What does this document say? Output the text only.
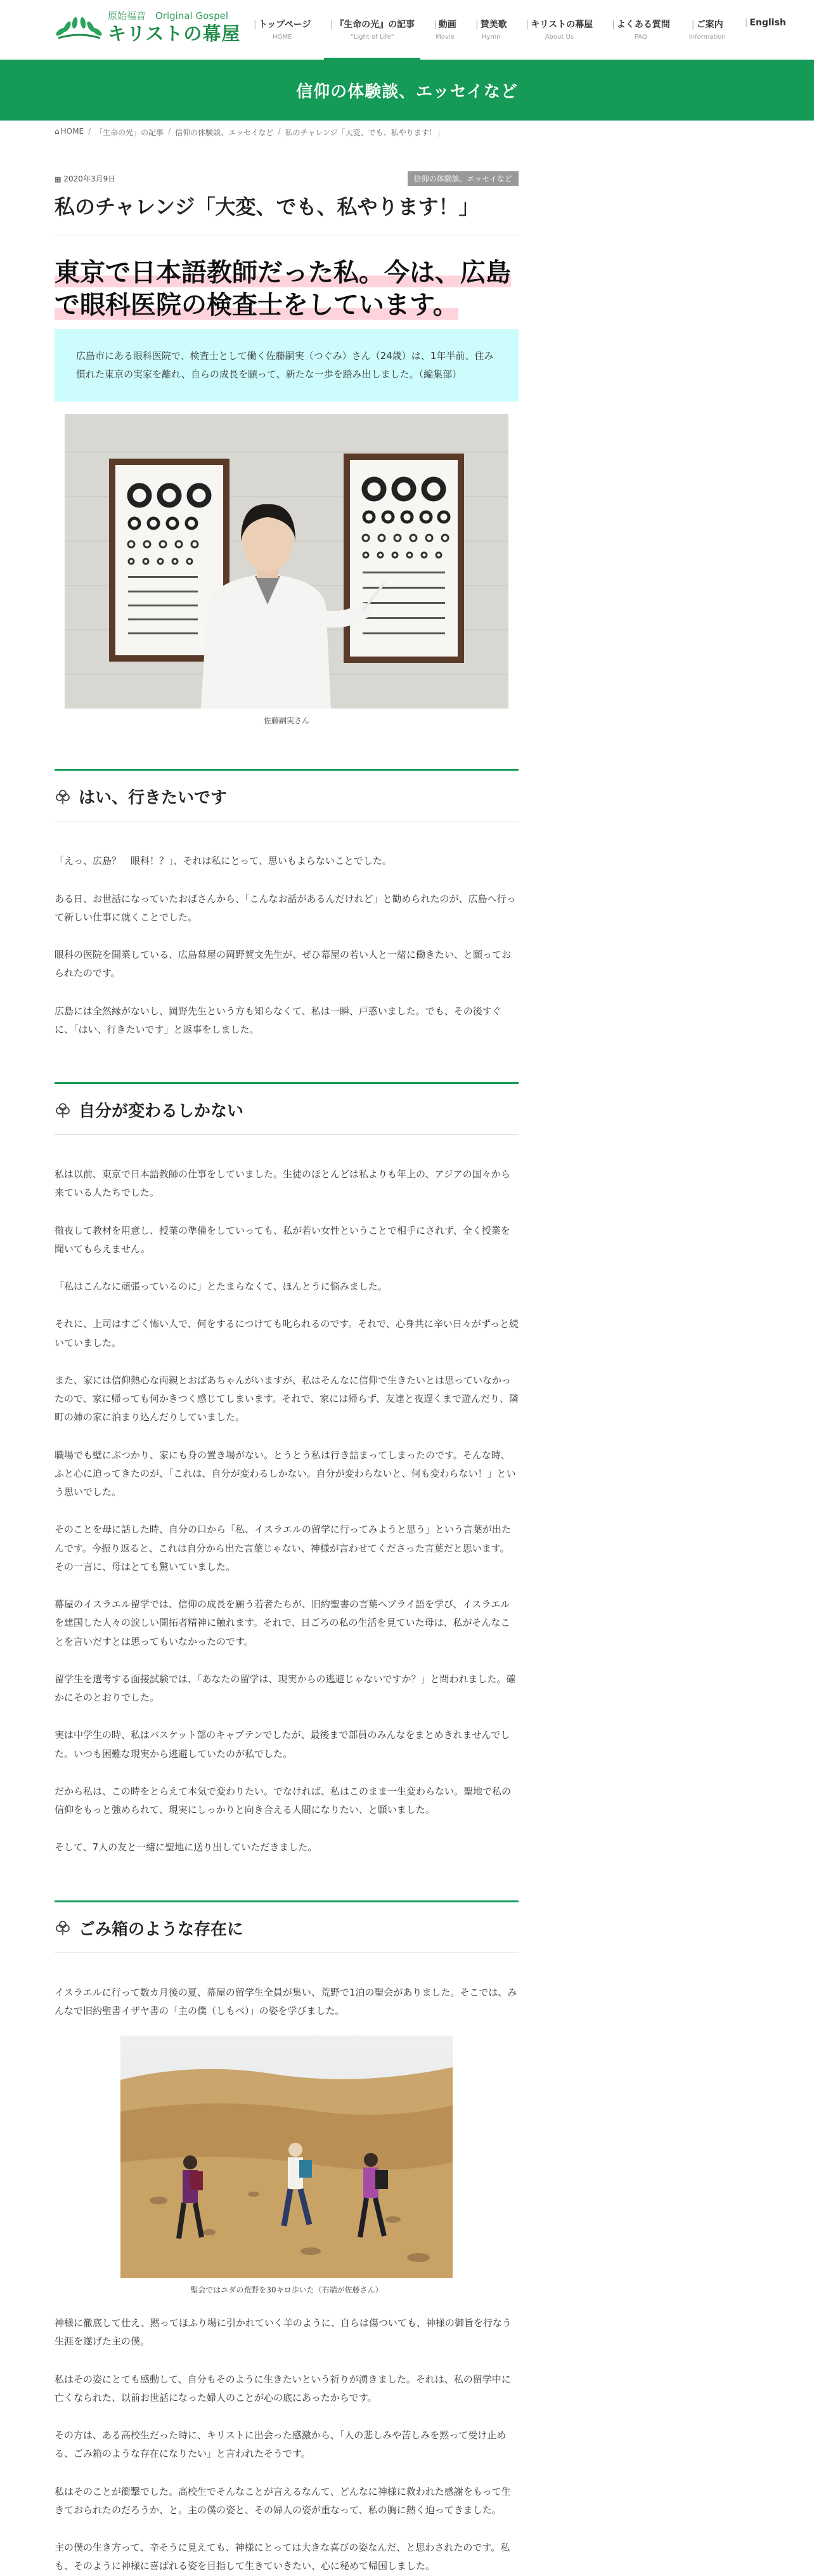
原始福音　Original Gospel
キリストの幕屋
|	トップページ
HOME
| 『生命の光』の記事
"Light of Life"
| 動画
Movie
| 賛美歌
Hymn
| キリストの幕屋
About Us
| よくある質問
FAQ
| ご案内
Information
| English
信仰の体験談、エッセイなど
⌂ HOME / 「生命の光」の記事 / 信仰の体験談、エッセイなど / 私のチャレンジ「大変、でも、私やります！」
▦ 2020年3月9日	信仰の体験談、エッセイなど
私のチャレンジ「大変、でも、私やります！」

東京で日本語教師だった私。今は、広島
で眼科医院の検査士をしています。

広島市にある眼科医院で、検査士として働く佐藤嗣実（つぐみ）さん（24歳）は、1年半前、住み慣れた東京の実家を離れ、自らの成長を願って、新たな一歩を踏み出しました。（編集部）

佐藤嗣実さん

はい、行きたいです

「えっ、広島？　眼科！？」、それは私にとって、思いもよらないことでした。

ある日、お世話になっていたおばさんから、「こんなお話があるんだけれど」と勧められたのが、広島へ行って新しい仕事に就くことでした。

眼科の医院を開業している、広島幕屋の岡野賀文先生が、ぜひ幕屋の若い人と一緒に働きたい、と願っておられたのです。

広島には全然縁がないし、岡野先生という方も知らなくて、私は一瞬、戸惑いました。でも、その後すぐに、「はい、行きたいです」と返事をしました。

自分が変わるしかない

私は以前、東京で日本語教師の仕事をしていました。生徒のほとんどは私よりも年上の、アジアの国々から来ている人たちでした。

徹夜して教材を用意し、授業の準備をしていっても、私が若い女性ということで相手にされず、全く授業を聞いてもらえません。

「私はこんなに頑張っているのに」とたまらなくて、ほんとうに悩みました。

それに、上司はすごく怖い人で、何をするにつけても叱られるのです。それで、心身共に辛い日々がずっと続いていました。

また、家には信仰熱心な両親とおばあちゃんがいますが、私はそんなに信仰で生きたいとは思っていなかったので、家に帰っても何かきつく感じてしまいます。それで、家には帰らず、友達と夜遅くまで遊んだり、隣町の姉の家に泊まり込んだりしていました。

職場でも壁にぶつかり、家にも身の置き場がない。とうとう私は行き詰まってしまったのです。そんな時、ふと心に迫ってきたのが、「これは、自分が変わるしかない。自分が変わらないと、何も変わらない！」という思いでした。

そのことを母に話した時、自分の口から「私、イスラエルの留学に行ってみようと思う」という言葉が出たんです。今振り返ると、これは自分から出た言葉じゃない、神様が言わせてくださった言葉だと思います。その一言に、母はとても驚いていました。

幕屋のイスラエル留学では、信仰の成長を願う若者たちが、旧約聖書の言葉ヘブライ語を学び、イスラエルを建国した人々の涙しい開拓者精神に触れます。それで、日ごろの私の生活を見ていた母は、私がそんなことを言いだすとは思ってもいなかったのです。

留学生を選考する面接試験では、「あなたの留学は、現実からの逃避じゃないですか？」と問われました。確かにそのとおりでした。

実は中学生の時、私はバスケット部のキャプテンでしたが、最後まで部員のみんなをまとめきれませんでした。いつも困難な現実から逃避していたのが私でした。

だから私は、この時をとらえて本気で変わりたい。でなければ、私はこのまま一生変わらない。聖地で私の信仰をもっと強められて、現実にしっかりと向き合える人間になりたい、と願いました。

そして、7人の友と一緒に聖地に送り出していただきました。

ごみ箱のような存在に

イスラエルに行って数カ月後の夏、幕屋の留学生全員が集い、荒野で1泊の聖会がありました。そこでは、みんなで旧約聖書イザヤ書の「主の僕（しもべ）」の姿を学びました。

聖会ではユダの荒野を30キロ歩いた（右端が佐藤さん）

神様に徹底して仕え、黙ってほふり場に引かれていく羊のように、自らは傷ついても、神様の御旨を行なう生涯を遂げた主の僕。

私はその姿にとても感動して、自分もそのように生きたいという祈りが湧きました。それは、私の留学中に亡くなられた、以前お世話になった婦人のことが心の底にあったからです。

その方は、ある高校生だった時に、キリストに出会った感激から、「人の悲しみや苦しみを黙って受け止める、ごみ箱のような存在になりたい」と言われたそうです。

私はそのことが衝撃でした。高校生でそんなことが言えるなんて、どんなに神様に救われた感謝をもって生きておられたのだろうか、と。主の僕の姿と、その婦人の姿が重なって、私の胸に熱く迫ってきました。

主の僕の生き方って、辛そうに見えても、神様にとっては大きな喜びの姿なんだ、と思わされたのです。私も、そのように神様に喜ばれる姿を目指して生きていきたい、心に秘めて帰国しました。
